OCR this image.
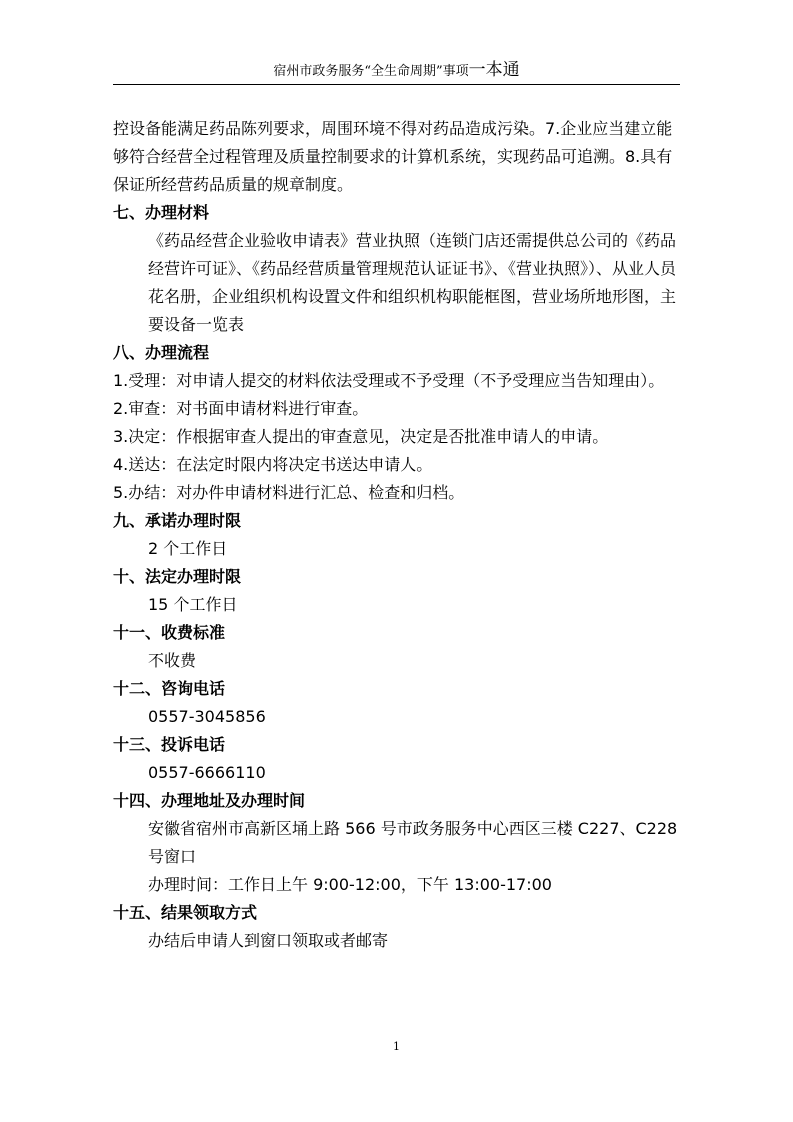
宿州市政务服务“全生命周期”事项一本通

控设备能满足药品陈列要求，周围环境不得对药品造成污染。7.企业应当建立能够符合经营全过程管理及质量控制要求的计算机系统，实现药品可追溯。8.具有保证所经营药品质量的规章制度。

七、办理材料

《药品经营企业验收申请表》营业执照（连锁门店还需提供总公司的《药品经营许可证》、《药品经营质量管理规范认证证书》、《营业执照》）、从业人员花名册，企业组织机构设置文件和组织机构职能框图，营业场所地形图，主要设备一览表

八、办理流程

1.受理：对申请人提交的材料依法受理或不予受理（不予受理应当告知理由）。

2.审查：对书面申请材料进行审查。

3.决定：作根据审查人提出的审查意见，决定是否批准申请人的申请。

4.送达：在法定时限内将决定书送达申请人。

5.办结：对办件申请材料进行汇总、检查和归档。

九、承诺办理时限

2 个工作日

十、法定办理时限

15 个工作日

十一、收费标准

不收费

十二、咨询电话

0557-3045856

十三、投诉电话

0557-6666110

十四、办理地址及办理时间

安徽省宿州市高新区埇上路 566 号市政务服务中心西区三楼 C227、C228 号窗口

办理时间：工作日上午 9:00-12:00，下午 13:00-17:00

十五、结果领取方式

办结后申请人到窗口领取或者邮寄

1
